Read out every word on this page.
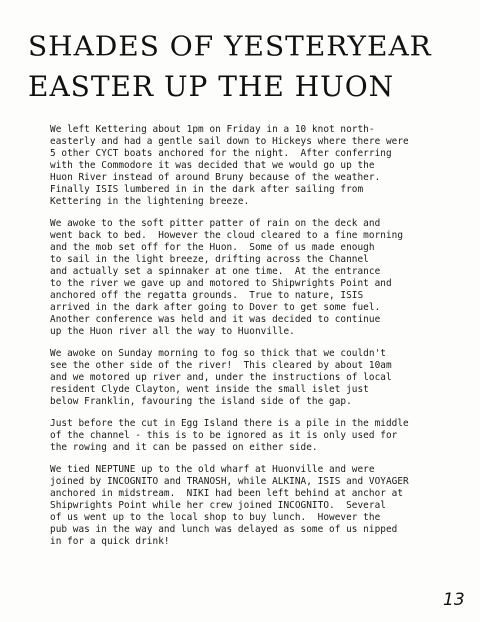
SHADES OF YESTERYEAR
EASTER UP THE HUON
We left Kettering about 1pm on Friday in a 10 knot north-
easterly and had a gentle sail down to Hickeys where there were
5 other CYCT boats anchored for the night.  After conferring
with the Commodore it was decided that we would go up the
Huon River instead of around Bruny because of the weather.
Finally ISIS lumbered in in the dark after sailing from
Kettering in the lightening breeze.
We awoke to the soft pitter patter of rain on the deck and
went back to bed.  However the cloud cleared to a fine morning
and the mob set off for the Huon.  Some of us made enough
to sail in the light breeze, drifting across the Channel
and actually set a spinnaker at one time.  At the entrance
to the river we gave up and motored to Shipwrights Point and
anchored off the regatta grounds.  True to nature, ISIS
arrived in the dark after going to Dover to get some fuel.
Another conference was held and it was decided to continue
up the Huon river all the way to Huonville.
We awoke on Sunday morning to fog so thick that we couldn't
see the other side of the river!  This cleared by about 10am
and we motored up river and, under the instructions of local
resident Clyde Clayton, went inside the small islet just
below Franklin, favouring the island side of the gap.
Just before the cut in Egg Island there is a pile in the middle
of the channel - this is to be ignored as it is only used for
the rowing and it can be passed on either side.
We tied NEPTUNE up to the old wharf at Huonville and were
joined by INCOGNITO and TRANOSH, while ALKINA, ISIS and VOYAGER
anchored in midstream.  NIKI had been left behind at anchor at
Shipwrights Point while her crew joined INCOGNITO.  Several
of us went up to the local shop to buy lunch.  However the
pub was in the way and lunch was delayed as some of us nipped
in for a quick drink!
13
